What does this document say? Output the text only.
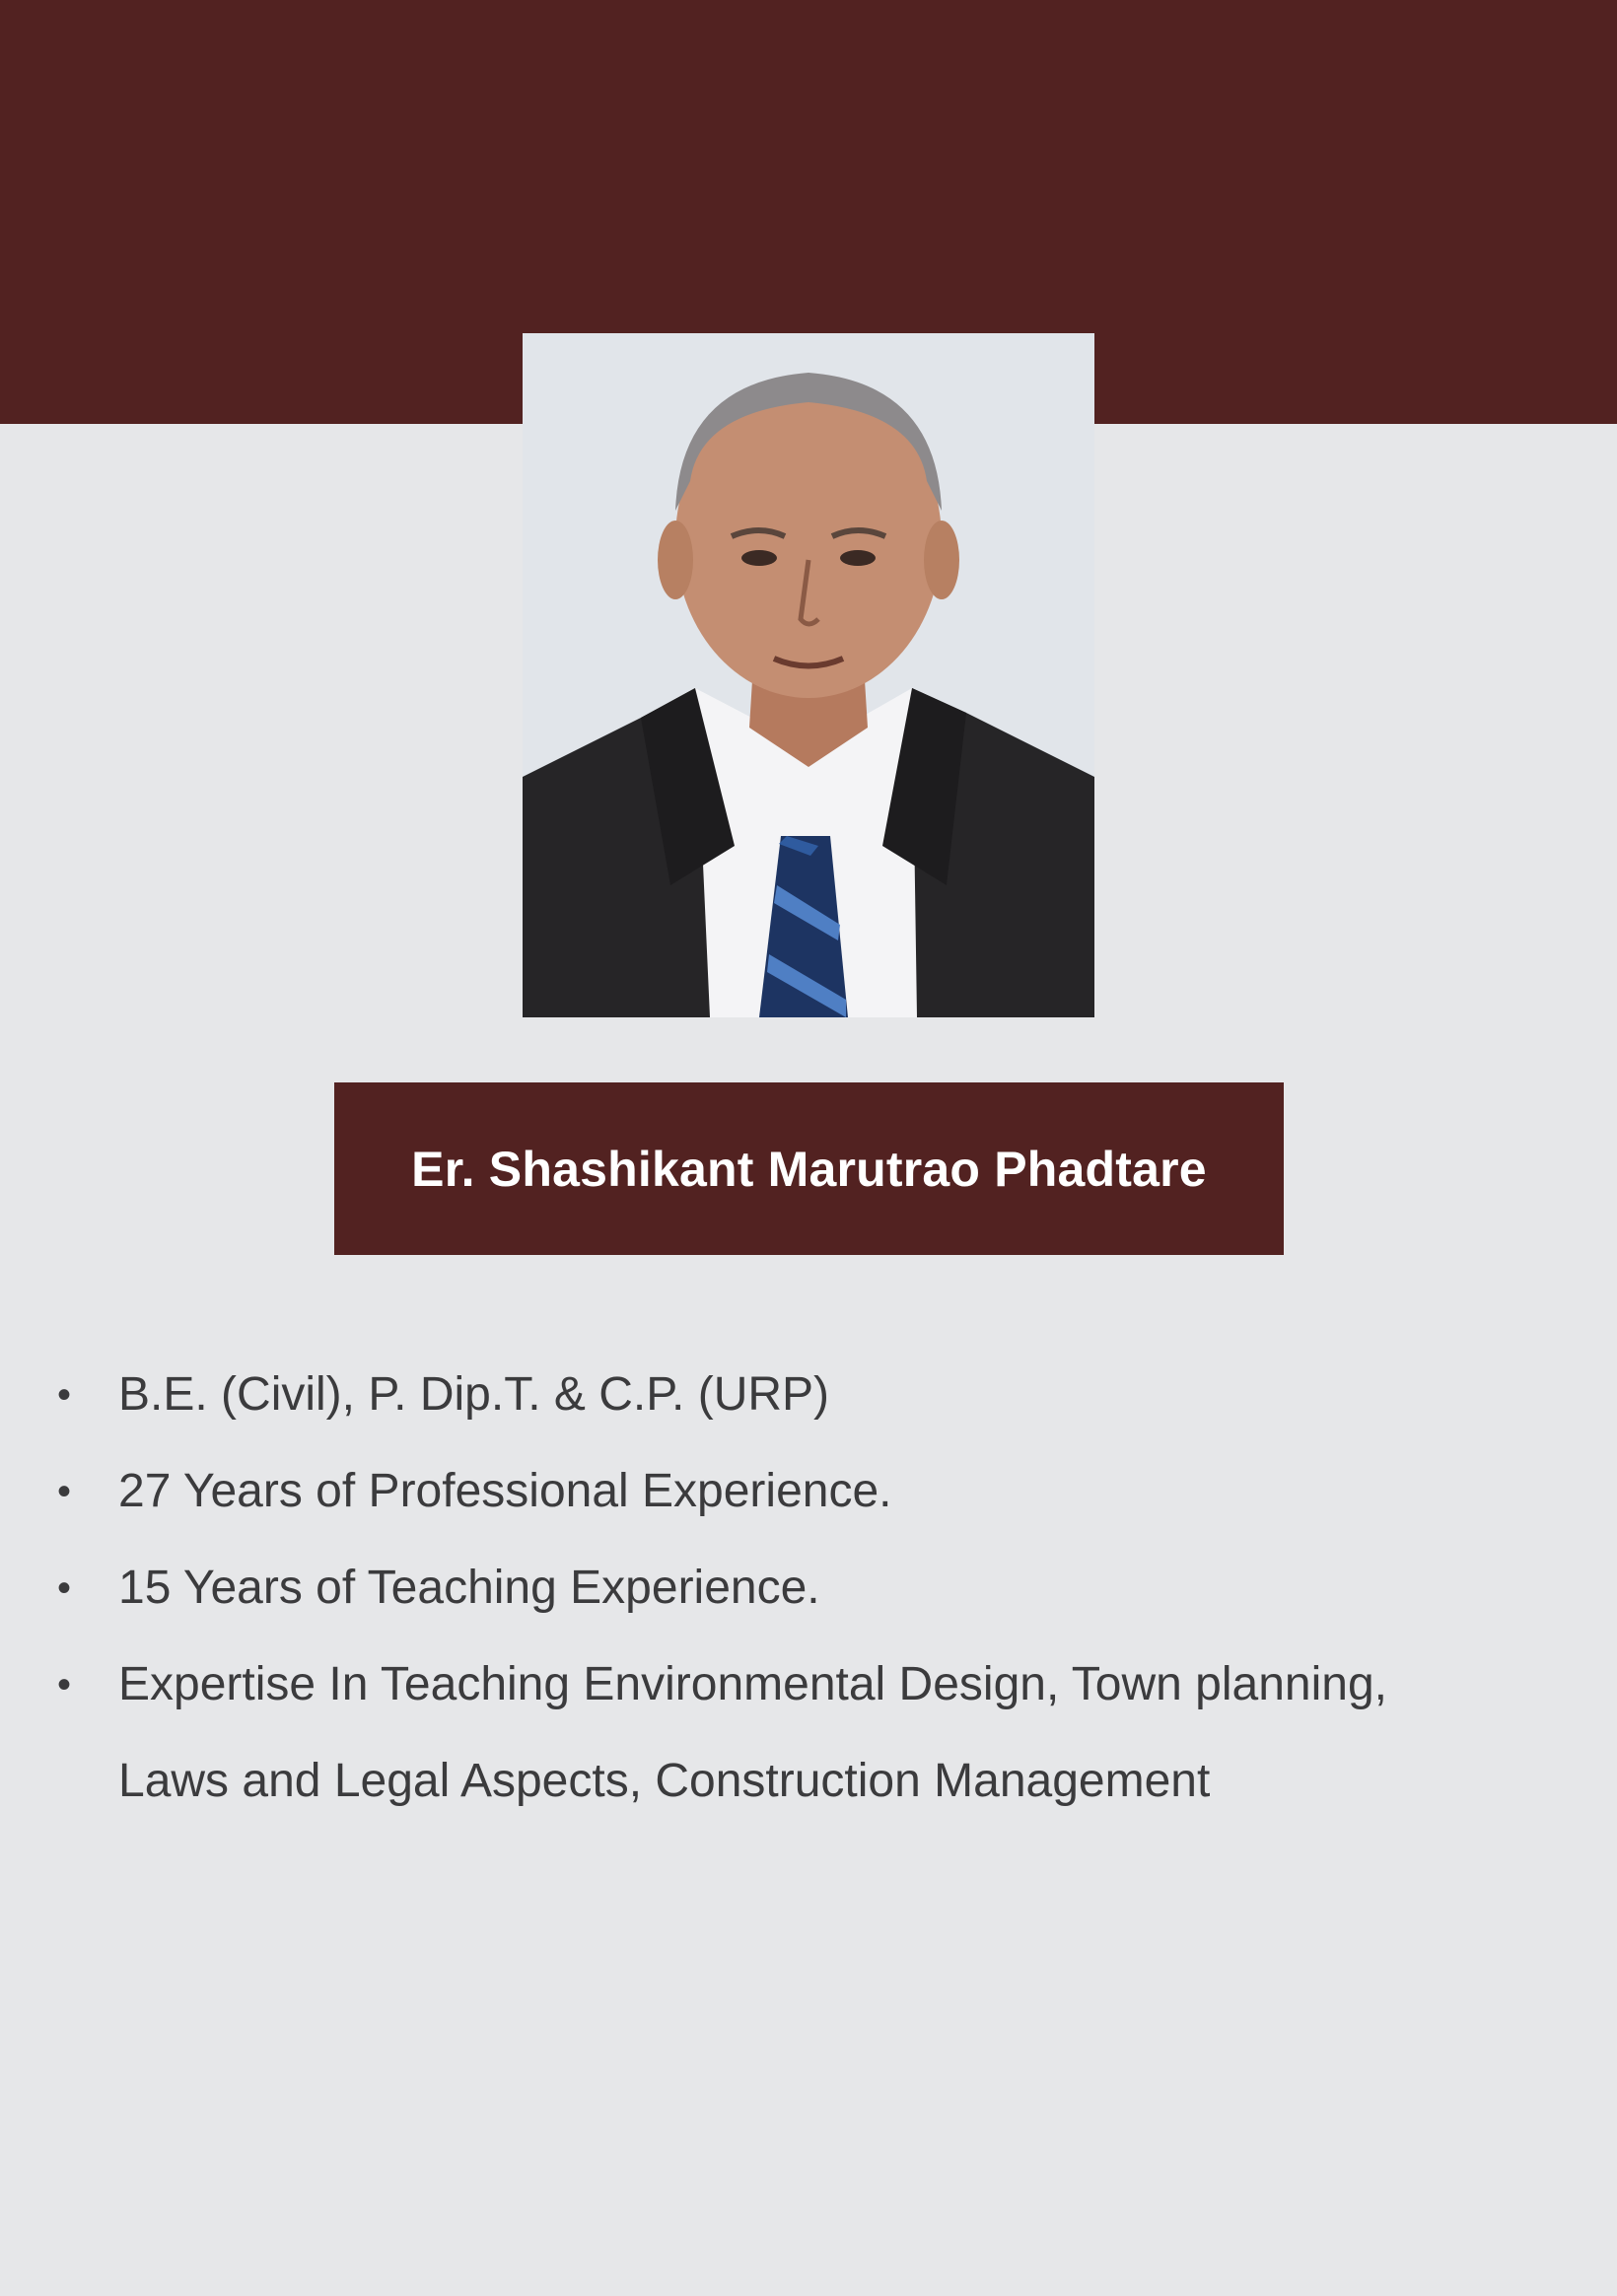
Er. Shashikant Marutrao Phadtare
• B.E. (Civil), P. Dip.T. & C.P. (URP)
• 27 Years of Professional Experience.
• 15 Years of Teaching Experience.
• Expertise In Teaching Environmental Design, Town planning, Laws and Legal Aspects, Construction Management
